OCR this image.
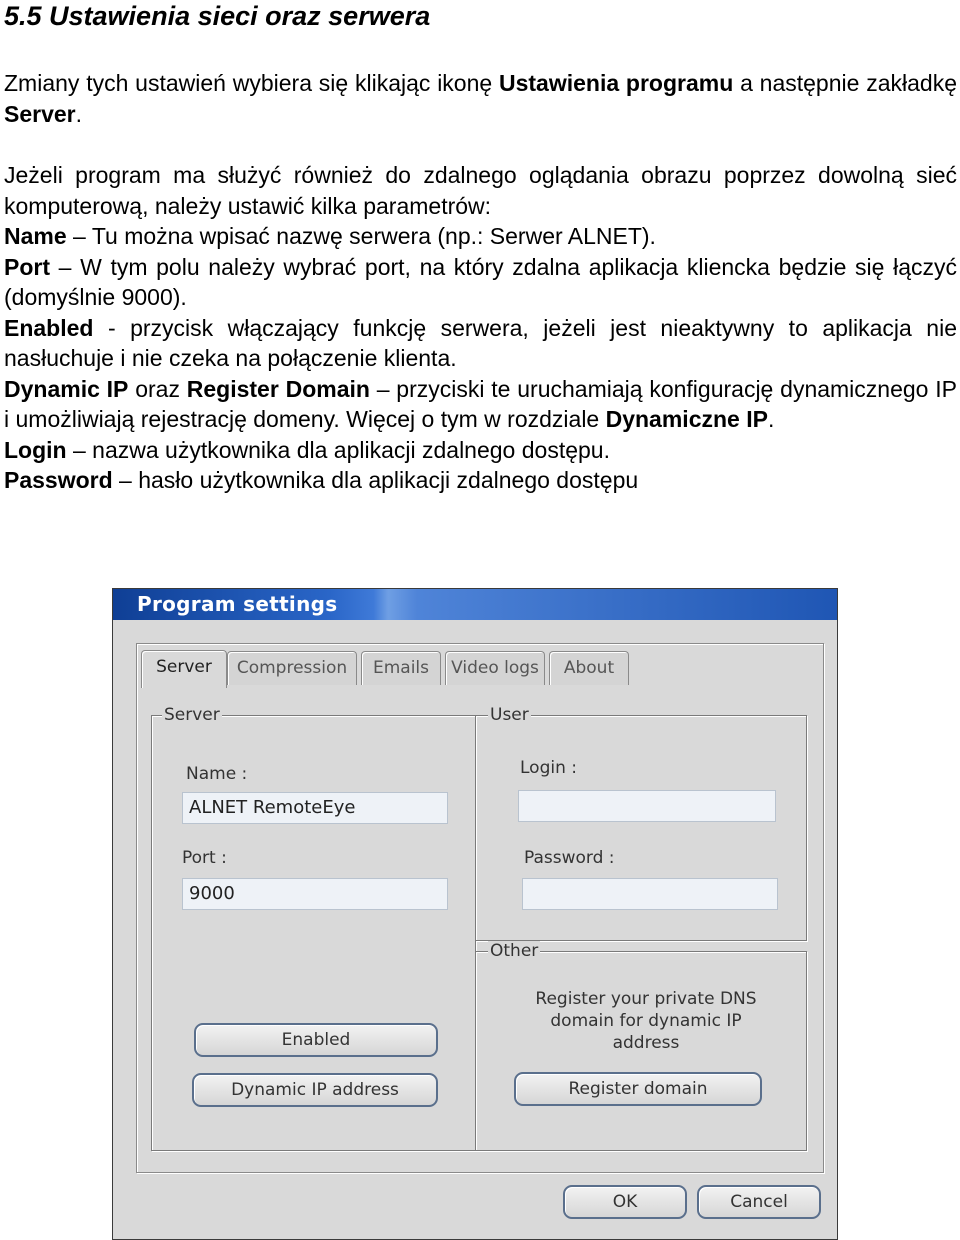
5.5 Ustawienia sieci oraz serwera

Zmiany tych ustawień wybiera się klikając ikonę Ustawienia programu a następnie zakładkę Server.

Jeżeli program ma służyć również do zdalnego oglądania obrazu poprzez dowolną sieć komputerową, należy ustawić kilka parametrów:
Name – Tu można wpisać nazwę serwera (np.: Serwer ALNET).
Port – W tym polu należy wybrać port, na który zdalna aplikacja kliencka będzie się łączyć (domyślnie 9000).
Enabled - przycisk włączający funkcję serwera, jeżeli jest nieaktywny to aplikacja nie nasłuchuje i nie czeka na połączenie klienta.
Dynamic IP oraz Register Domain – przyciski te uruchamiają konfigurację dynamicznego IP i umożliwiają rejestrację domeny. Więcej o tym w rozdziale Dynamiczne IP.
Login – nazwa użytkownika dla aplikacji zdalnego dostępu.
Password – hasło użytkownika dla aplikacji zdalnego dostępu

Program settings
Server	Compression	Emails	Video logs	About
Server
Name :
ALNET RemoteEye
Port :
9000
Enabled
Dynamic IP address
User
Login :
Password :
Other
Register your private DNS
domain for dynamic IP
address
Register domain
OK	Cancel
